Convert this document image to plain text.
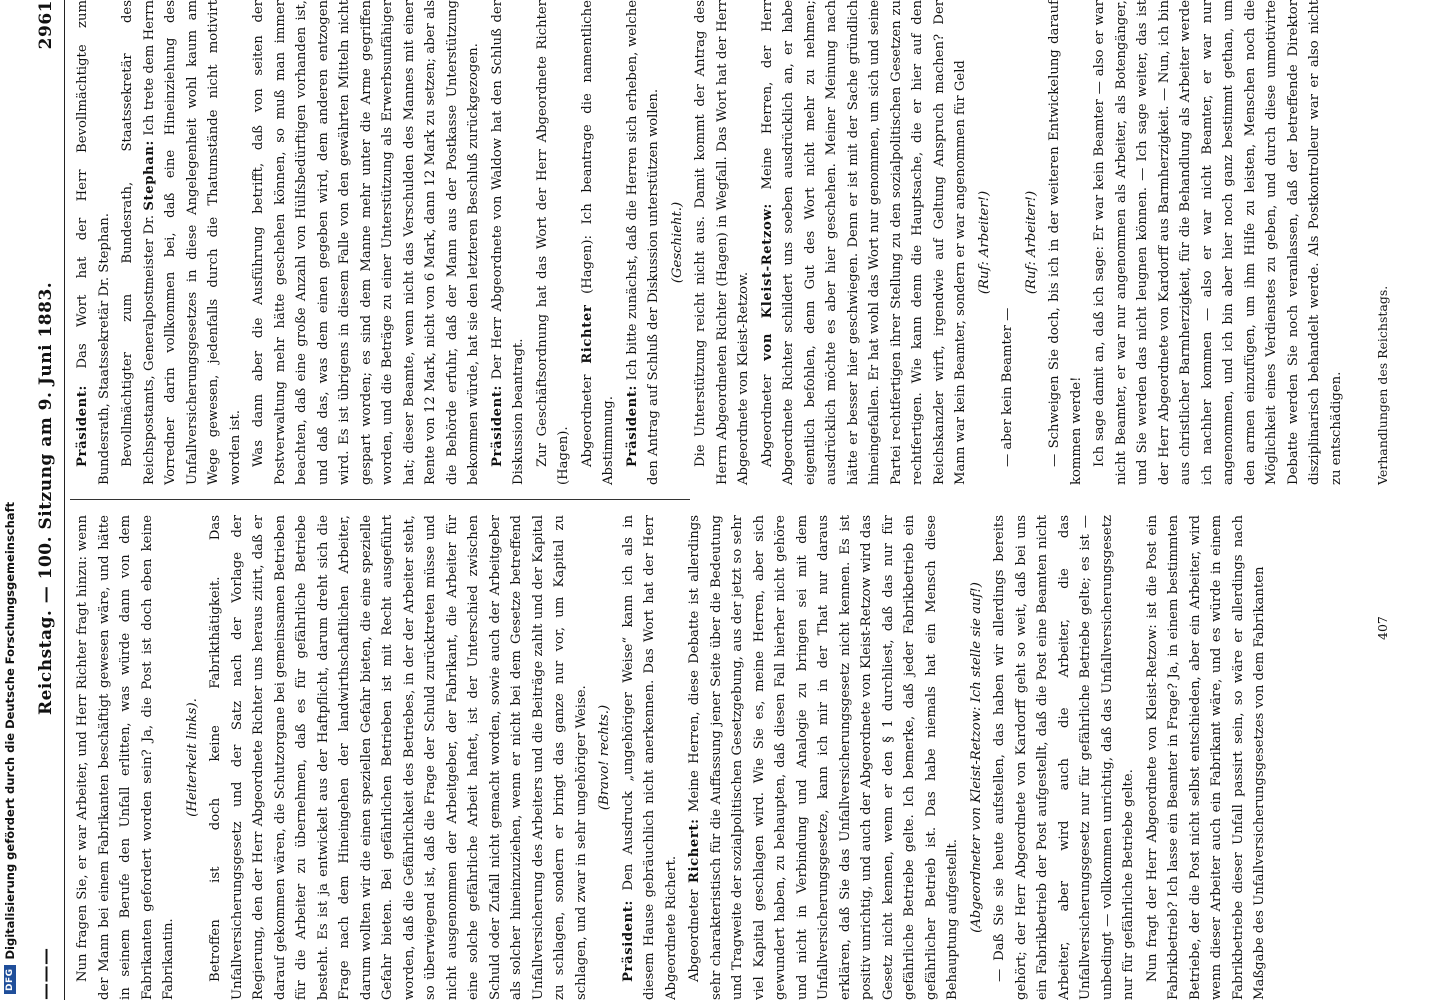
DFG
Digitalisierung gefördert durch die Deutsche Forschungsgemeinschaft
———
Reichstag. — 100. Sitzung am 9. Juni 1883.
2961

Nun fragen Sie, er war Arbeiter, und Herr Richter fragt hinzu: wenn der Mann bei einem Fabrikanten beschäftigt gewesen wäre, und hätte in seinem Berufe den Unfall erlitten, was würde dann von dem Fabrikanten gefordert worden sein? Ja, die Post ist doch eben keine Fabrikantin.

(Heiterkeit links). Betroffen ist doch keine Fabrikthätigkeit. Das Unfallversicherungsgesetz und der Satz nach der Vorlage der Regierung, den der Herr Abgeordnete Richter uns heraus zitirt, daß er darauf gekommen wären, die Schutzorgane bei gemeinsamen Betrieben für die Arbeiter zu übernehmen, daß es für gefährliche Betriebe besteht. Es ist ja entwickelt aus der Haftpflicht, darum dreht sich die Frage nach dem Hineingehen der landwirthschaftlichen Arbeiter, darum wollten wir die einen speziellen Gefahr bieten, die eine spezielle Gefahr bieten. Bei gefährlichen Betrieben ist mit Recht ausgeführt worden, daß die Gefährlichkeit des Betriebes, in der der Arbeiter steht, so überwiegend ist, daß die Frage der Schuld zurücktreten müsse und nicht ausgenommen der Arbeitgeber, der Fabrikant, die Arbeiter für eine solche gefährliche Arbeit haftet, ist der Unterschied zwischen Schuld oder Zufall nicht gemacht worden, sowie auch der Arbeitgeber als solcher hineinzuziehen, wenn er nicht bei dem Gesetze betreffend Unfallversicherung des Arbeiters und die Beiträge zahlt und der Kapital zu schlagen, sondern er bringt das ganze nur vor, um Kapital zu schlagen, und zwar in sehr ungehöriger Weise. (Bravo! rechts.)

Präsident: Den Ausdruck „ungehöriger Weise“ kann ich als in diesem Hause gebräuchlich nicht anerkennen. Das Wort hat der Herr Abgeordnete Richert. Abgeordneter Richert: Meine Herren, diese Debatte ist allerdings sehr charakteristisch für die Auffassung jener Seite über die Bedeutung und Tragweite der sozialpolitischen Gesetzgebung, aus der jetzt so sehr viel Kapital geschlagen wird. Wie Sie es, meine Herren, aber sich gewundert haben, zu behaupten, daß diesen Fall hierher nicht gehöre und nicht in Verbindung und Analogie zu bringen sei mit dem Unfallversicherungsgesetze, kann ich mir in der That nur daraus erklären, daß Sie das Unfallversicherungsgesetz nicht kennen. Es ist positiv unrichtig, und auch der Abgeordnete von Kleist-Retzow wird das Gesetz nicht kennen, wenn er den § 1 durchliest, daß das nur für gefährliche Betriebe gelte. Ich bemerke, daß jeder Fabrikbetrieb ein gefährlicher Betrieb ist. Das habe niemals hat ein Mensch diese Behauptung aufgestellt. (Abgeordneter von Kleist-Retzow: Ich stelle sie auf!) — Daß Sie sie heute aufstellen, das haben wir allerdings bereits gehört; der Herr Abgeordnete von Kardorff geht so weit, daß bei uns ein Fabrikbetrieb der Post aufgestellt, daß die Post eine Beamten nicht Arbeiter, aber wird auch die Arbeiter, die das Unfallversicherungsgesetz nur für gefährliche Betriebe gelte; es ist — unbedingt — vollkommen unrichtig, daß das Unfallversicherungsgesetz nur für gefährliche Betriebe gelte. Nun fragt der Herr Abgeordnete von Kleist-Retzow: ist die Post ein Fabrikbetrieb? Ich lasse ein Beamter in Frage? Ja, in einem bestimmten Betriebe, der die Post nicht selbst entschieden, aber ein Arbeiter, wird wenn dieser Arbeiter auch ein Fabrikant wäre, und es würde in einem Fabrikbetriebe dieser Unfall passirt sein, so wäre er allerdings nach Maßgabe des Unfallversicherungsgesetzes von dem Fabrikanten

Präsident: Das Wort hat der Herr Bevollmächtigte zum Bundesrath, Staatssekretär Dr. Stephan. Bevollmächtigter zum Bundesrath, Staatssekretär des Reichspostamts, Generalpostmeister Dr. Stephan: Ich trete dem Herrn Vorredner darin vollkommen bei, daß eine Hineinziehung des Unfallversicherungsgesetzes in diese Angelegenheit wohl kaum am Wege gewesen, jedenfalls durch die Thatumstände nicht motivirt worden ist. Was dann aber die Ausführung betrifft, daß von seiten der Postverwaltung mehr hätte geschehen können, so muß man immer beachten, daß eine große Anzahl von Hülfsbedürftigen vorhanden ist, und daß das, was dem einen gegeben wird, dem anderen entzogen wird. Es ist übrigens in diesem Falle von den gewährten Mitteln nicht gespart worden; es sind dem Manne mehr unter die Arme gegriffen worden, und die Beträge zu einer Unterstützung als Erwerbsunfähiger hat; dieser Beamte, wenn nicht das Verschulden des Mannes mit einer Rente von 12 Mark, nicht von 6 Mark, dann 12 Mark zu setzen; aber als die Behörde erfuhr, daß der Mann aus der Postkasse Unterstützung bekommen würde, hat sie den letzteren Beschluß zurückgezogen. Präsident: Der Herr Abgeordnete von Waldow hat den Schluß der Diskussion beantragt. Zur Geschäftsordnung hat das Wort der Herr Abgeordnete Richter (Hagen). Abgeordneter Richter (Hagen): Ich beantrage die namentliche Abstimmung. Präsident: Ich bitte zunächst, daß die Herren sich erheben, welche den Antrag auf Schluß der Diskussion unterstützen wollen. (Geschieht.) Die Unterstützung reicht nicht aus. Damit kommt der Antrag des Herrn Abgeordneten Richter (Hagen) in Wegfall. Das Wort hat der Herr Abgeordnete von Kleist-Retzow. Abgeordneter von Kleist-Retzow: Meine Herren, der Herr Abgeordnete Richter schildert uns soeben ausdrücklich an, er habe eigentlich befohlen, denn Gut des Wort nicht mehr zu nehmen; ausdrücklich möchte es aber hier geschehen. Meiner Meinung nach hätte er besser hier geschwiegen. Denn er ist mit der Sache gründlich hineingefallen. Er hat wohl das Wort nur genommen, um sich und seine Partei rechtfertigen ihrer Stellung zu den sozialpolitischen Gesetzen zu rechtfertigen. Wie kann denn die Hauptsache, die er hier auf den Reichskanzler wirft, irgendwie auf Geltung Anspruch machen? Der Mann war kein Beamter, sondern er war angenommen für Geld (Ruf: Arbeiter!)

— aber kein Beamter —

(Ruf: Arbeiter!) — Schweigen Sie doch, bis ich in der weiteren Entwickelung darauf kommen werde! Ich sage damit an, daß ich sage: Er war kein Beamter — also er war nicht Beamter, er war nur angenommen als Arbeiter, als Botengänger, und Sie werden das nicht leugnen können. — Ich sage weiter, das ist der Herr Abgeordnete von Kardorff aus Barmherzigkeit. — Nun, ich bin aus christlicher Barmherzigkeit, für die Behandlung als Arbeiter werde ich nachher kommen — also er war nicht Beamter, er war nur angenommen, und ich bin aber hier noch ganz bestimmt gethan, um den armen einzufügen, um ihm Hilfe zu leisten, Menschen noch die Möglichkeit eines Verdienstes zu geben, und durch diese unmotivirte Debatte werden Sie noch veranlassen, daß der betreffende Direktor disziplinarisch behandelt werde. Als Postkontrolleur war er also nicht zu entschädigen.	Verhandlungen des Reichstags.
407
